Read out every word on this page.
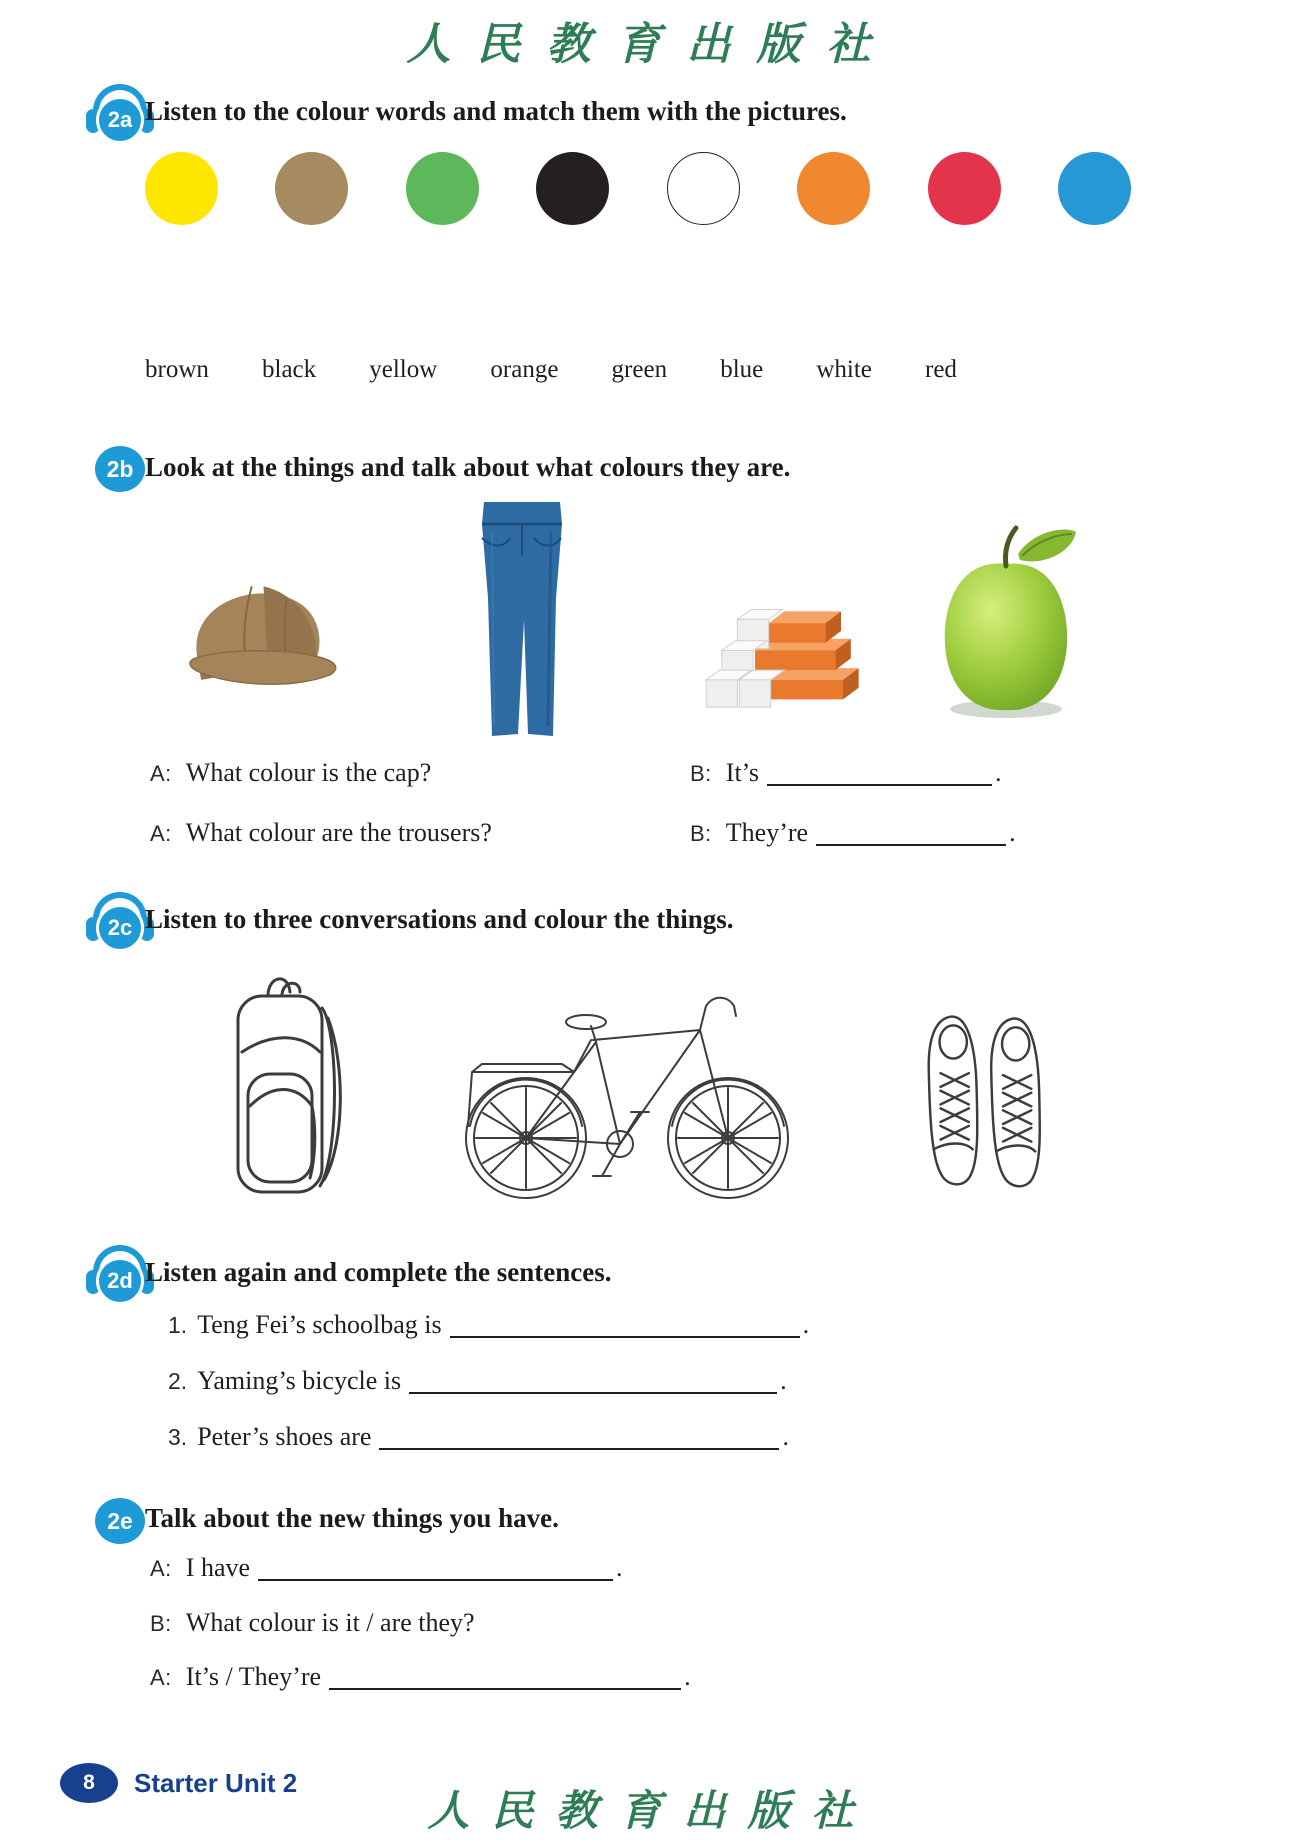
人民教育出版社
2a Listen to the colour words and match them with the pictures.
brown black yellow orange green blue white red
2b Look at the things and talk about what colours they are.
A: What colour is the cap?	B: It’s	.
A: What colour are the trousers?	B: They’re	.
2c Listen to three conversations and colour the things.
2d Listen again and complete the sentences.
1. Teng Fei’s schoolbag is	.
2. Yaming’s bicycle is	.
3. Peter’s shoes are	.
2e Talk about the new things you have.
A: I have	.
B: What colour is it / are they?
A: It’s / They’re	.
8	Starter Unit 2
人民教育出版社
